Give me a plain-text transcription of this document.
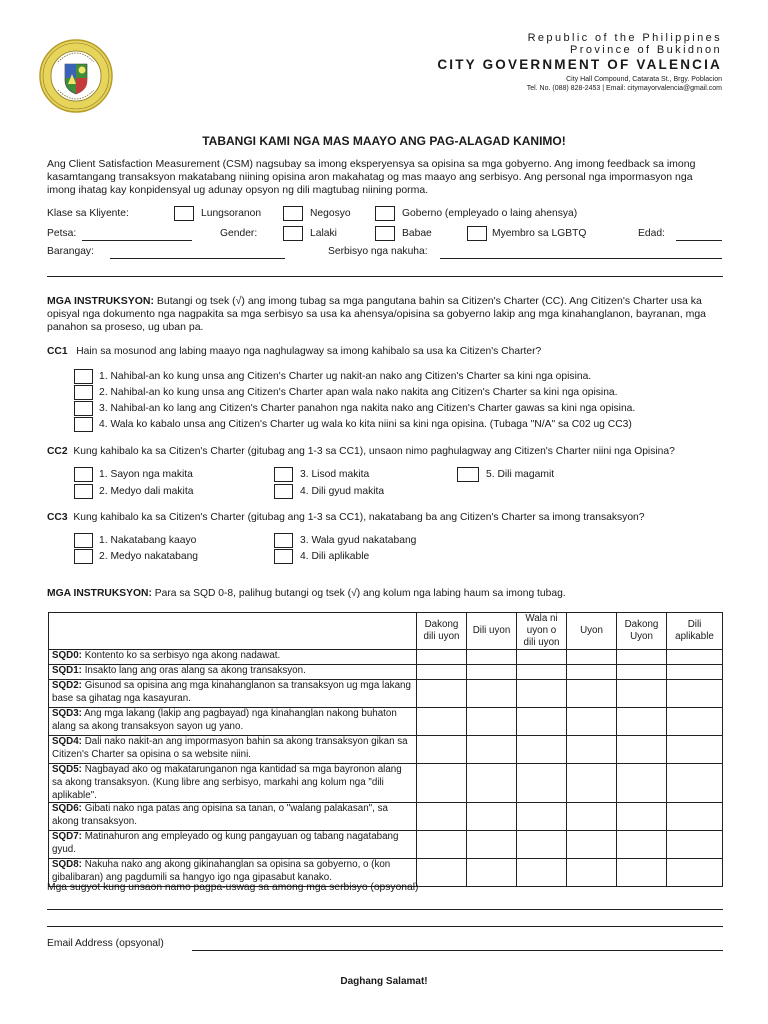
Republic of the Philippines
Province of Bukidnon
CITY GOVERNMENT OF VALENCIA
City Hall Compound, Catarata St., Brgy. Poblacion
Tel. No. (088) 828-2453 | Email: citymayorvalencia@gmail.com
TABANGI KAMI NGA MAS MAAYO ANG PAG-ALAGAD KANIMO!
Ang Client Satisfaction Measurement (CSM) nagsubay sa imong eksperyensya sa opisina sa mga gobyerno. Ang imong feedback sa imong kasamtangang transaksyon makatabang niining opisina aron makahatag og mas maayo ang serbisyo. Ang personal nga impormasyon nga imong ihatag kay konpidensyal ug adunay opsyon ng dili magtubag niining porma.
Klase sa Kliyente:	Lungsoranon	Negosyo	Goberno (empleyado o laing ahensya)
Petsa:	Gender:	Lalaki	Babae	Myembro sa LGBTQ	Edad:
Barangay:	Serbisyo nga nakuha:
MGA INSTRUKSYON: Butangi og tsek (√) ang imong tubag sa mga pangutana bahin sa Citizen's Charter (CC). Ang Citizen's Charter usa ka opisyal nga dokumento nga nagpakita sa mga serbisyo sa usa ka ahensya/opisina sa gobyerno lakip ang mga kinahanglanon, bayranan, mga panahon sa proseso, ug uban pa.
CC1 Hain sa mosunod ang labing maayo nga naghulagway sa imong kahibalo sa usa ka Citizen's Charter?
1. Nahibal-an ko kung unsa ang Citizen's Charter ug nakit-an nako ang Citizen's Charter sa kini nga opisina.
2. Nahibal-an ko kung unsa ang Citizen's Charter apan wala nako nakita ang Citizen's Charter sa kini nga opisina.
3. Nahibal-an ko lang ang Citizen's Charter panahon nga nakita nako ang Citizen's Charter gawas sa kini nga opisina.
4. Wala ko kabalo unsa ang Citizen's Charter ug wala ko kita niini sa kini nga opisina. (Tubaga "N/A" sa C02 ug CC3)
CC2 Kung kahibalo ka sa Citizen's Charter (gitubag ang 1-3 sa CC1), unsaon nimo paghulagway ang Citizen's Charter niini nga Opisina?
1. Sayon nga makita
2. Medyo dali makita
3. Lisod makita
4. Dili gyud makita
5. Dili magamit
CC3 Kung kahibalo ka sa Citizen's Charter (gitubag ang 1-3 sa CC1), nakatabang ba ang Citizen's Charter sa imong transaksyon?
1. Nakatabang kaayo
2. Medyo nakatabang
3. Wala gyud nakatabang
4. Dili aplikable
MGA INSTRUKSYON: Para sa SQD 0-8, palihug butangi og tsek (√) ang kolum nga labing haum sa imong tubag.
	Dakong dili uyon	Dili uyon	Wala ni uyon o dili uyon	Uyon	Dakong Uyon	Dili aplikable
SQD0: Kontento ko sa serbisyo nga akong nadawat.						
SQD1: Insakto lang ang oras alang sa akong transaksyon.						
SQD2: Gisunod sa opisina ang mga kinahanglanon sa transaksyon ug mga lakang base sa gihatag nga kasayuran.						
SQD3: Ang mga lakang (lakip ang pagbayad) nga kinahanglan nakong buhaton alang sa akong transaksyon sayon ug yano.						
SQD4: Dali nako nakit-an ang impormasyon bahin sa akong transaksyon gikan sa Citizen's Charter sa opisina o sa website niini.						
SQD5: Nagbayad ako og makatarunganon nga kantidad sa mga bayronon alang sa akong transaksyon. (Kung libre ang serbisyo, markahi ang kolum nga "dili aplikable".						
SQD6: Gibati nako nga patas ang opisina sa tanan, o "walang palakasan", sa akong transaksyon.						
SQD7: Matinahuron ang empleyado og kung pangayuan og tabang nagatabang gyud.						
SQD8: Nakuha nako ang akong gikinahanglan sa opisina sa gobyerno, o (kon gibalibaran) ang pagdumili sa hangyo igo nga gipasabut kanako.						
Mga sugyot kung unsaon namo pagpa-uswag sa among mga serbisyo (opsyonal)
Email Address (opsyonal)
Daghang Salamat!
